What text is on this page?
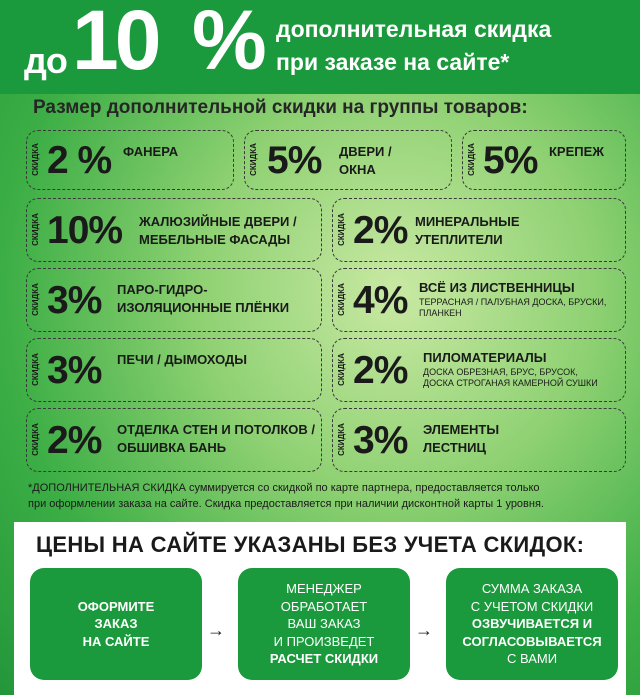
до 10 % дополнительная скидка
при заказе на сайте*
Размер дополнительной скидки на группы товаров:
СКИДКА 2 % ФАНЕРА	СКИДКА 5% ДВЕРИ /
ОКНА	СКИДКА 5% КРЕПЕЖ
СКИДКА 10% ЖАЛЮЗИЙНЫЕ ДВЕРИ /
МЕБЕЛЬНЫЕ ФАСАДЫ	СКИДКА 2% МИНЕРАЛЬНЫЕ
УТЕПЛИТЕЛИ
СКИДКА 3% ПАРО-ГИДРО-
ИЗОЛЯЦИОННЫЕ ПЛЁНКИ	СКИДКА 4% ВСЁ ИЗ ЛИСТВЕННИЦЫ
ТЕРРАСНАЯ / ПАЛУБНАЯ ДОСКА, БРУСКИ,
ПЛАНКЕН
СКИДКА 3% ПЕЧИ / ДЫМОХОДЫ	СКИДКА 2% ПИЛОМАТЕРИАЛЫ
ДОСКА ОБРЕЗНАЯ, БРУС, БРУСОК,
ДОСКА СТРОГАНАЯ КАМЕРНОЙ СУШКИ
СКИДКА 2% ОТДЕЛКА СТЕН И ПОТОЛКОВ /
ОБШИВКА БАНЬ	СКИДКА 3% ЭЛЕМЕНТЫ
ЛЕСТНИЦ
*ДОПОЛНИТЕЛЬНАЯ СКИДКА суммируется со скидкой по карте партнера, предоставляется только
при оформлении заказа на сайте. Скидка предоставляется при наличии дисконтной карты 1 уровня.
ЦЕНЫ НА САЙТЕ УКАЗАНЫ БЕЗ УЧЕТА СКИДОК:
ОФОРМИТЕ
ЗАКАЗ
НА САЙТЕ
→
МЕНЕДЖЕР
ОБРАБОТАЕТ
ВАШ ЗАКАЗ
И ПРОИЗВЕДЕТ
РАСЧЕТ СКИДКИ
→
СУММА ЗАКАЗА
С УЧЕТОМ СКИДКИ
ОЗВУЧИВАЕТСЯ И
СОГЛАСОВЫВАЕТСЯ
С ВАМИ
